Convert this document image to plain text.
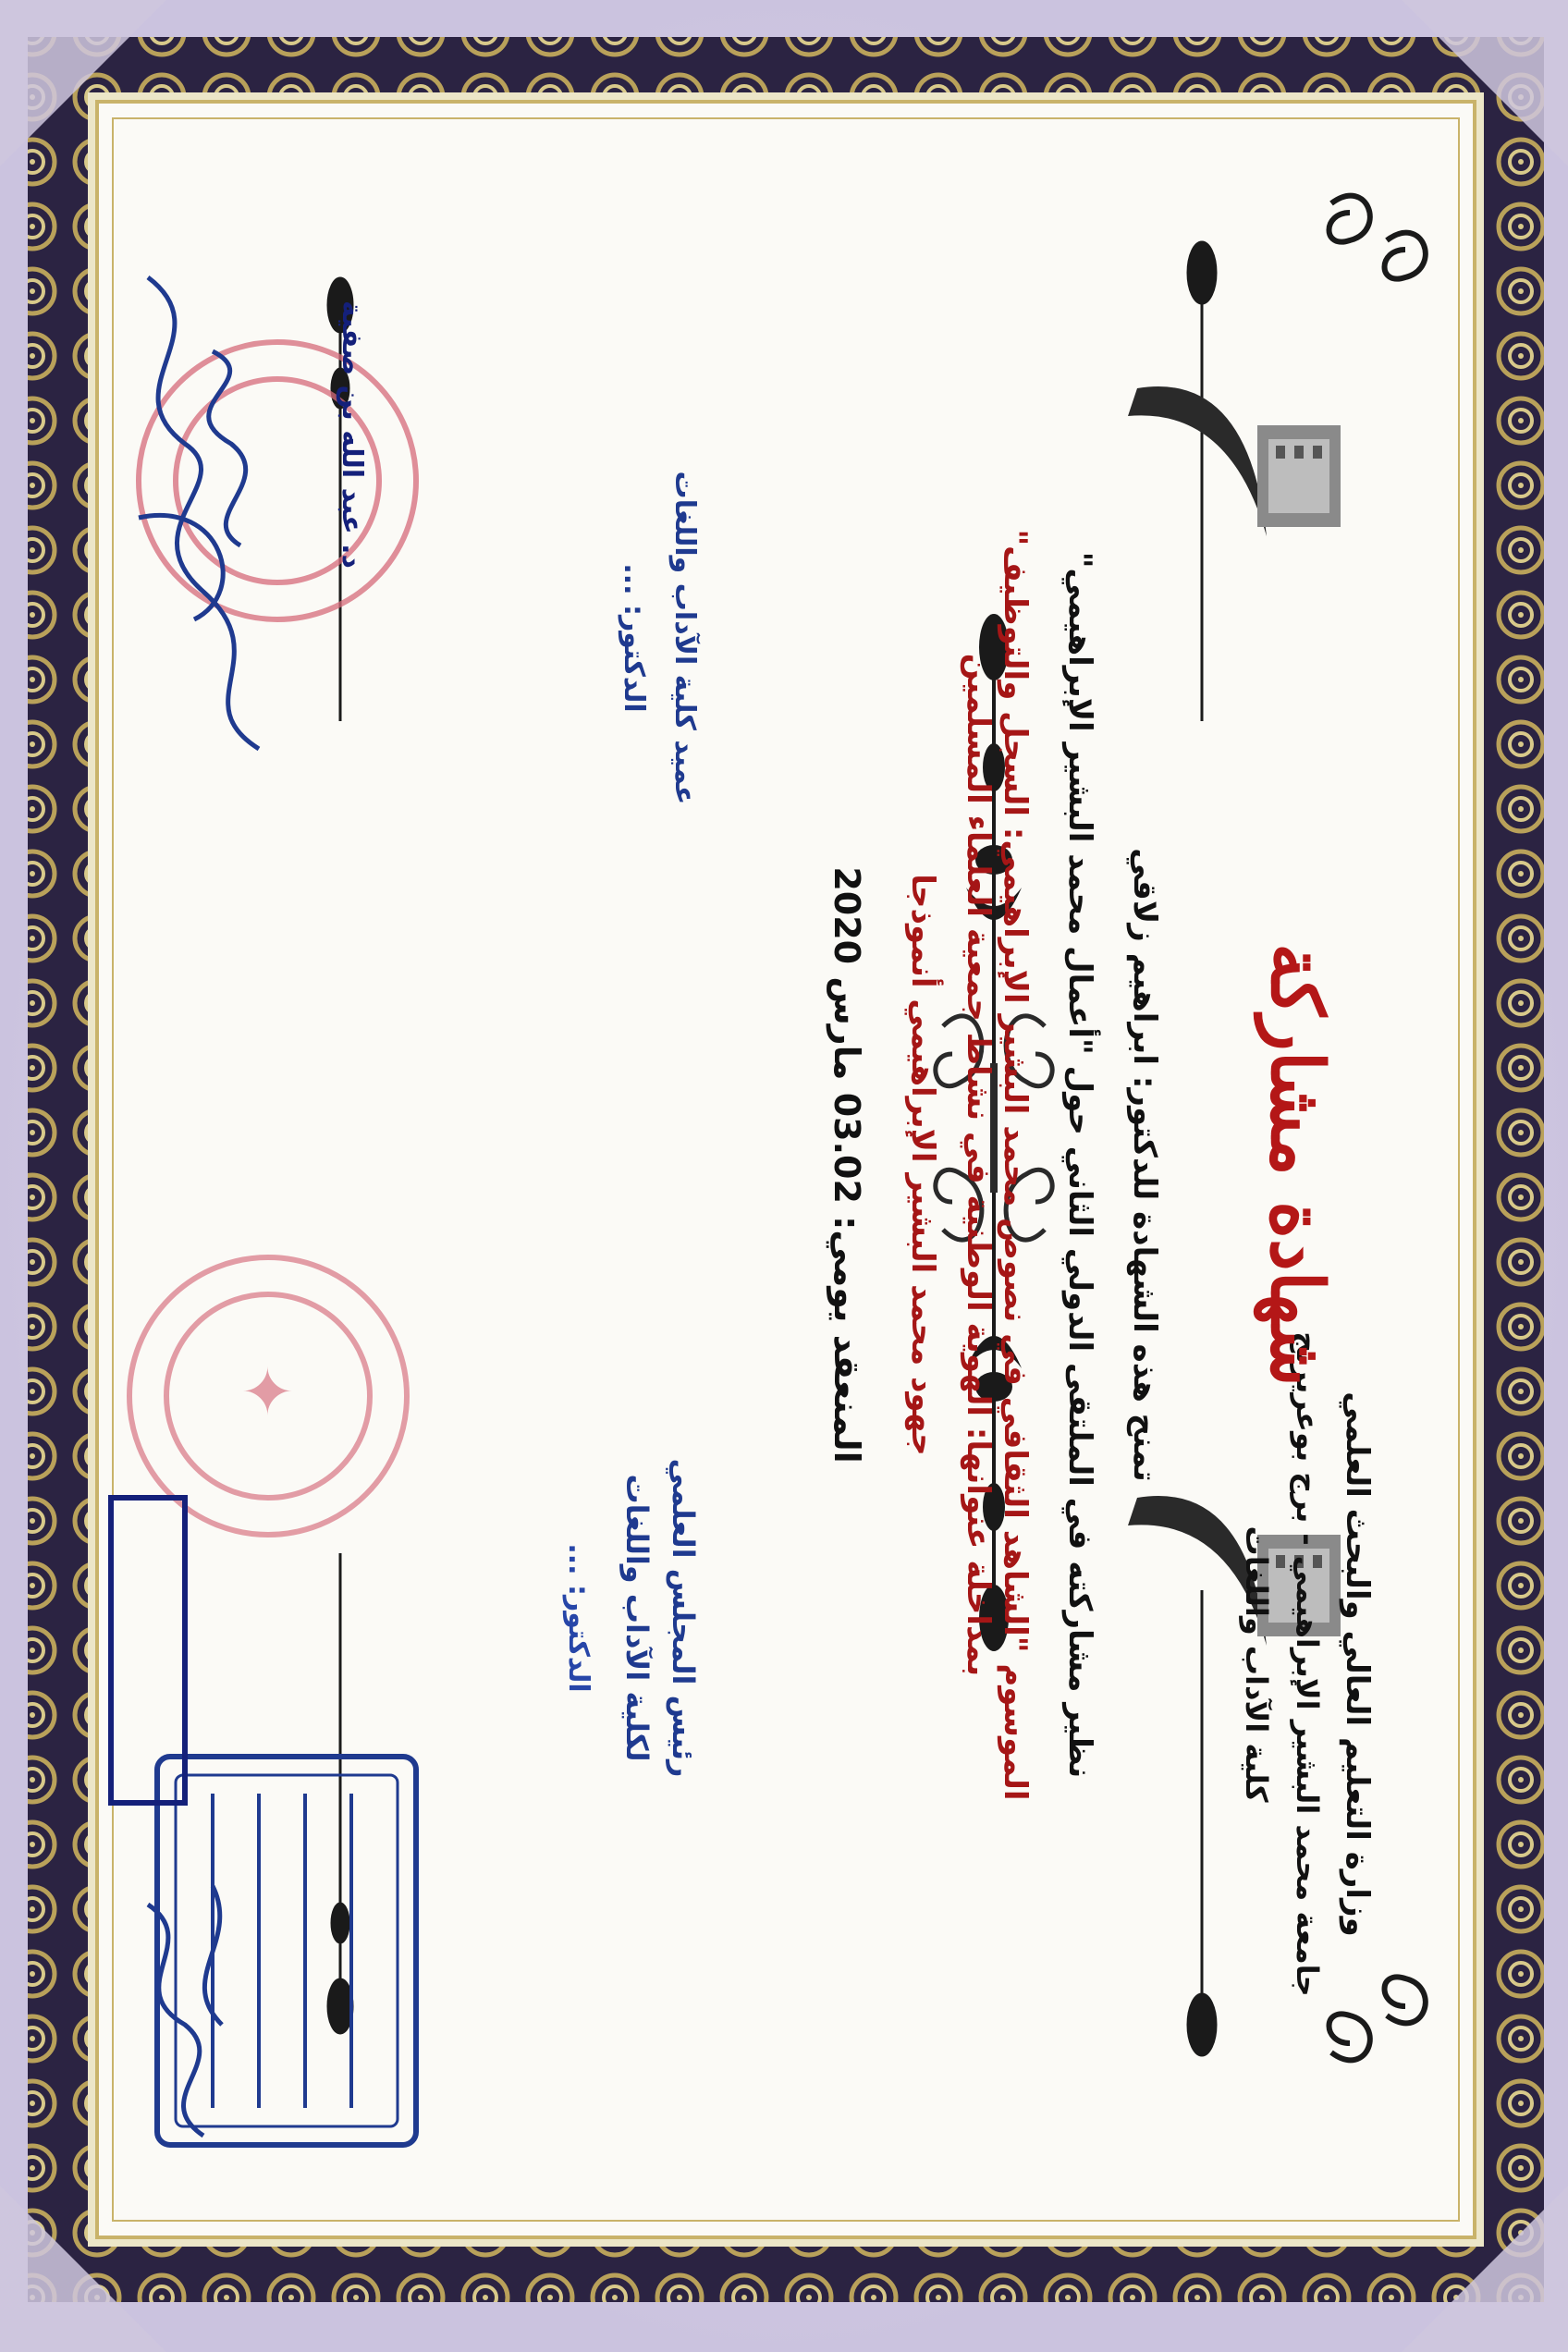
✦	وزارة التعليم العالي والبحث العلمي
جامعة محمد البشير الإبراهيمي - برج بوعريريج
كلية الآداب واللغات
شهادة مشاركة
تمنح هذه الشهادة للدكتور: ابراهيم زلاقي
نظير مشاركته في الملتقى الدولي الثاني حول "أعمال محمد البشير الإبراهيمي"
الموسوم "الشاهد الثقافي في نصوص محمد البشير الإبراهيمي: السجل والتوظيف"
بمداخلة عنوانها: الهوية الوطنية في نشاط جمعية العلماء المسلمين
جهود محمد البشير الإبراهيمي أنموذجا
المنعقد يومي: 03.02 مارس 2020
رئيس المجلس العلمي
لكلية الآداب واللغات
الدكتور: ...
عميد كلية الآداب واللغات
الدكتور: ...
د. عبد الله بن صفية
